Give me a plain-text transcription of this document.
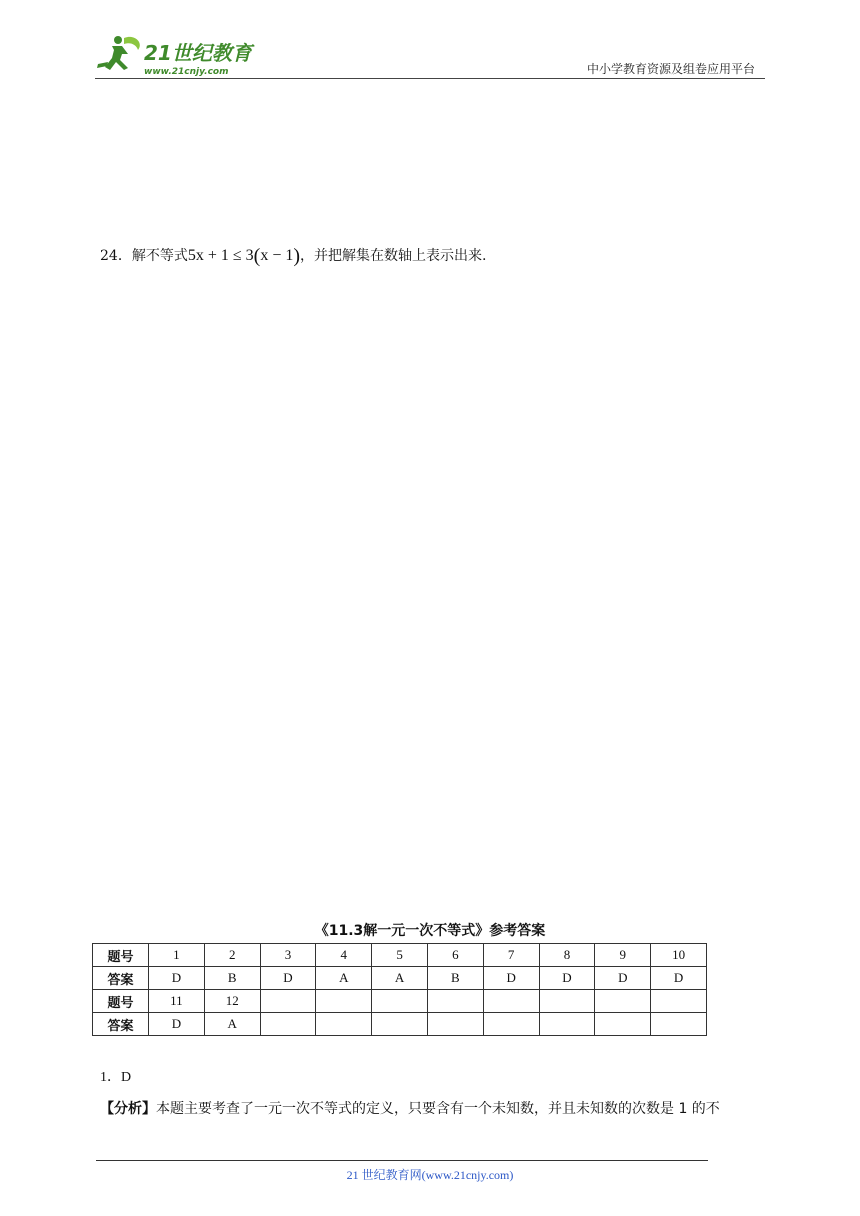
21世纪教育
www.21cnjy.com	中小学教育资源及组卷应用平台
24．解不等式5x + 1 ≤ 3(x − 1)，并把解集在数轴上表示出来.
《11.3解一元一次不等式》参考答案
题号	1	2	3	4	5	6	7	8	9	10
答案	D	B	D	A	A	B	D	D	D	D
题号	11	12								
答案	D	A								
1．D
【分析】本题主要考查了一元一次不等式的定义，只要含有一个未知数，并且未知数的次数是 1 的不
21 世纪教育网(www.21cnjy.com)
